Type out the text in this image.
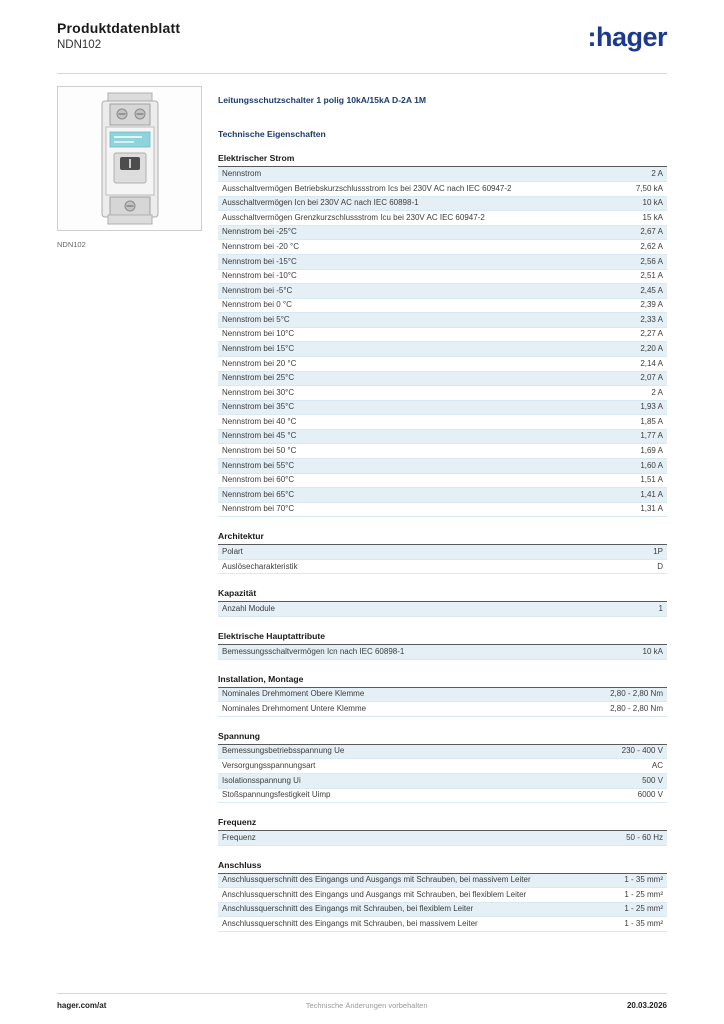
Produktdatenblatt
NDN102	:hager
NDN102
Leitungsschutzschalter 1 polig 10kA/15kA D-2A 1M
Technische Eigenschaften
Elektrischer Strom
Nennstrom	2 A
Ausschaltvermögen Betriebskurzschlussstrom Ics bei 230V AC nach IEC 60947-2	7,50 kA
Ausschaltvermögen Icn bei 230V AC nach IEC 60898-1	10 kA
Ausschaltvermögen Grenzkurzschlussstrom Icu bei 230V AC IEC 60947-2	15 kA
Nennstrom bei -25°C	2,67 A
Nennstrom bei -20 °C	2,62 A
Nennstrom bei -15°C	2,56 A
Nennstrom bei -10°C	2,51 A
Nennstrom bei -5°C	2,45 A
Nennstrom bei 0 °C	2,39 A
Nennstrom bei 5°C	2,33 A
Nennstrom bei 10°C	2,27 A
Nennstrom bei 15°C	2,20 A
Nennstrom bei 20 °C	2,14 A
Nennstrom bei 25°C	2,07 A
Nennstrom bei 30°C	2 A
Nennstrom bei 35°C	1,93 A
Nennstrom bei 40 °C	1,85 A
Nennstrom bei 45 °C	1,77 A
Nennstrom bei 50 °C	1,69 A
Nennstrom bei 55°C	1,60 A
Nennstrom bei 60°C	1,51 A
Nennstrom bei 65°C	1,41 A
Nennstrom bei 70°C	1,31 A
Architektur
Polart	1P
Auslösecharakteristik	D
Kapazität
Anzahl Module	1
Elektrische Hauptattribute
Bemessungsschaltvermögen Icn nach IEC 60898-1	10 kA
Installation, Montage
Nominales Drehmoment Obere Klemme	2,80 - 2,80 Nm
Nominales Drehmoment Untere Klemme	2,80 - 2,80 Nm
Spannung
Bemessungsbetriebsspannung Ue	230 - 400 V
Versorgungsspannungsart	AC
Isolationsspannung Ui	500 V
Stoßspannungsfestigkeit Uimp	6000 V
Frequenz
Frequenz	50 - 60 Hz
Anschluss
Anschlussquerschnitt des Eingangs und Ausgangs mit Schrauben, bei massivem Leiter	1 - 35 mm²
Anschlussquerschnitt des Eingangs und Ausgangs mit Schrauben, bei flexiblem Leiter	1 - 25 mm²
Anschlussquerschnitt des Eingangs mit Schrauben, bei flexiblem Leiter	1 - 25 mm²
Anschlussquerschnitt des Eingangs mit Schrauben, bei massivem Leiter	1 - 35 mm²
hager.com/at	Technische Änderungen vorbehalten	20.03.2026
